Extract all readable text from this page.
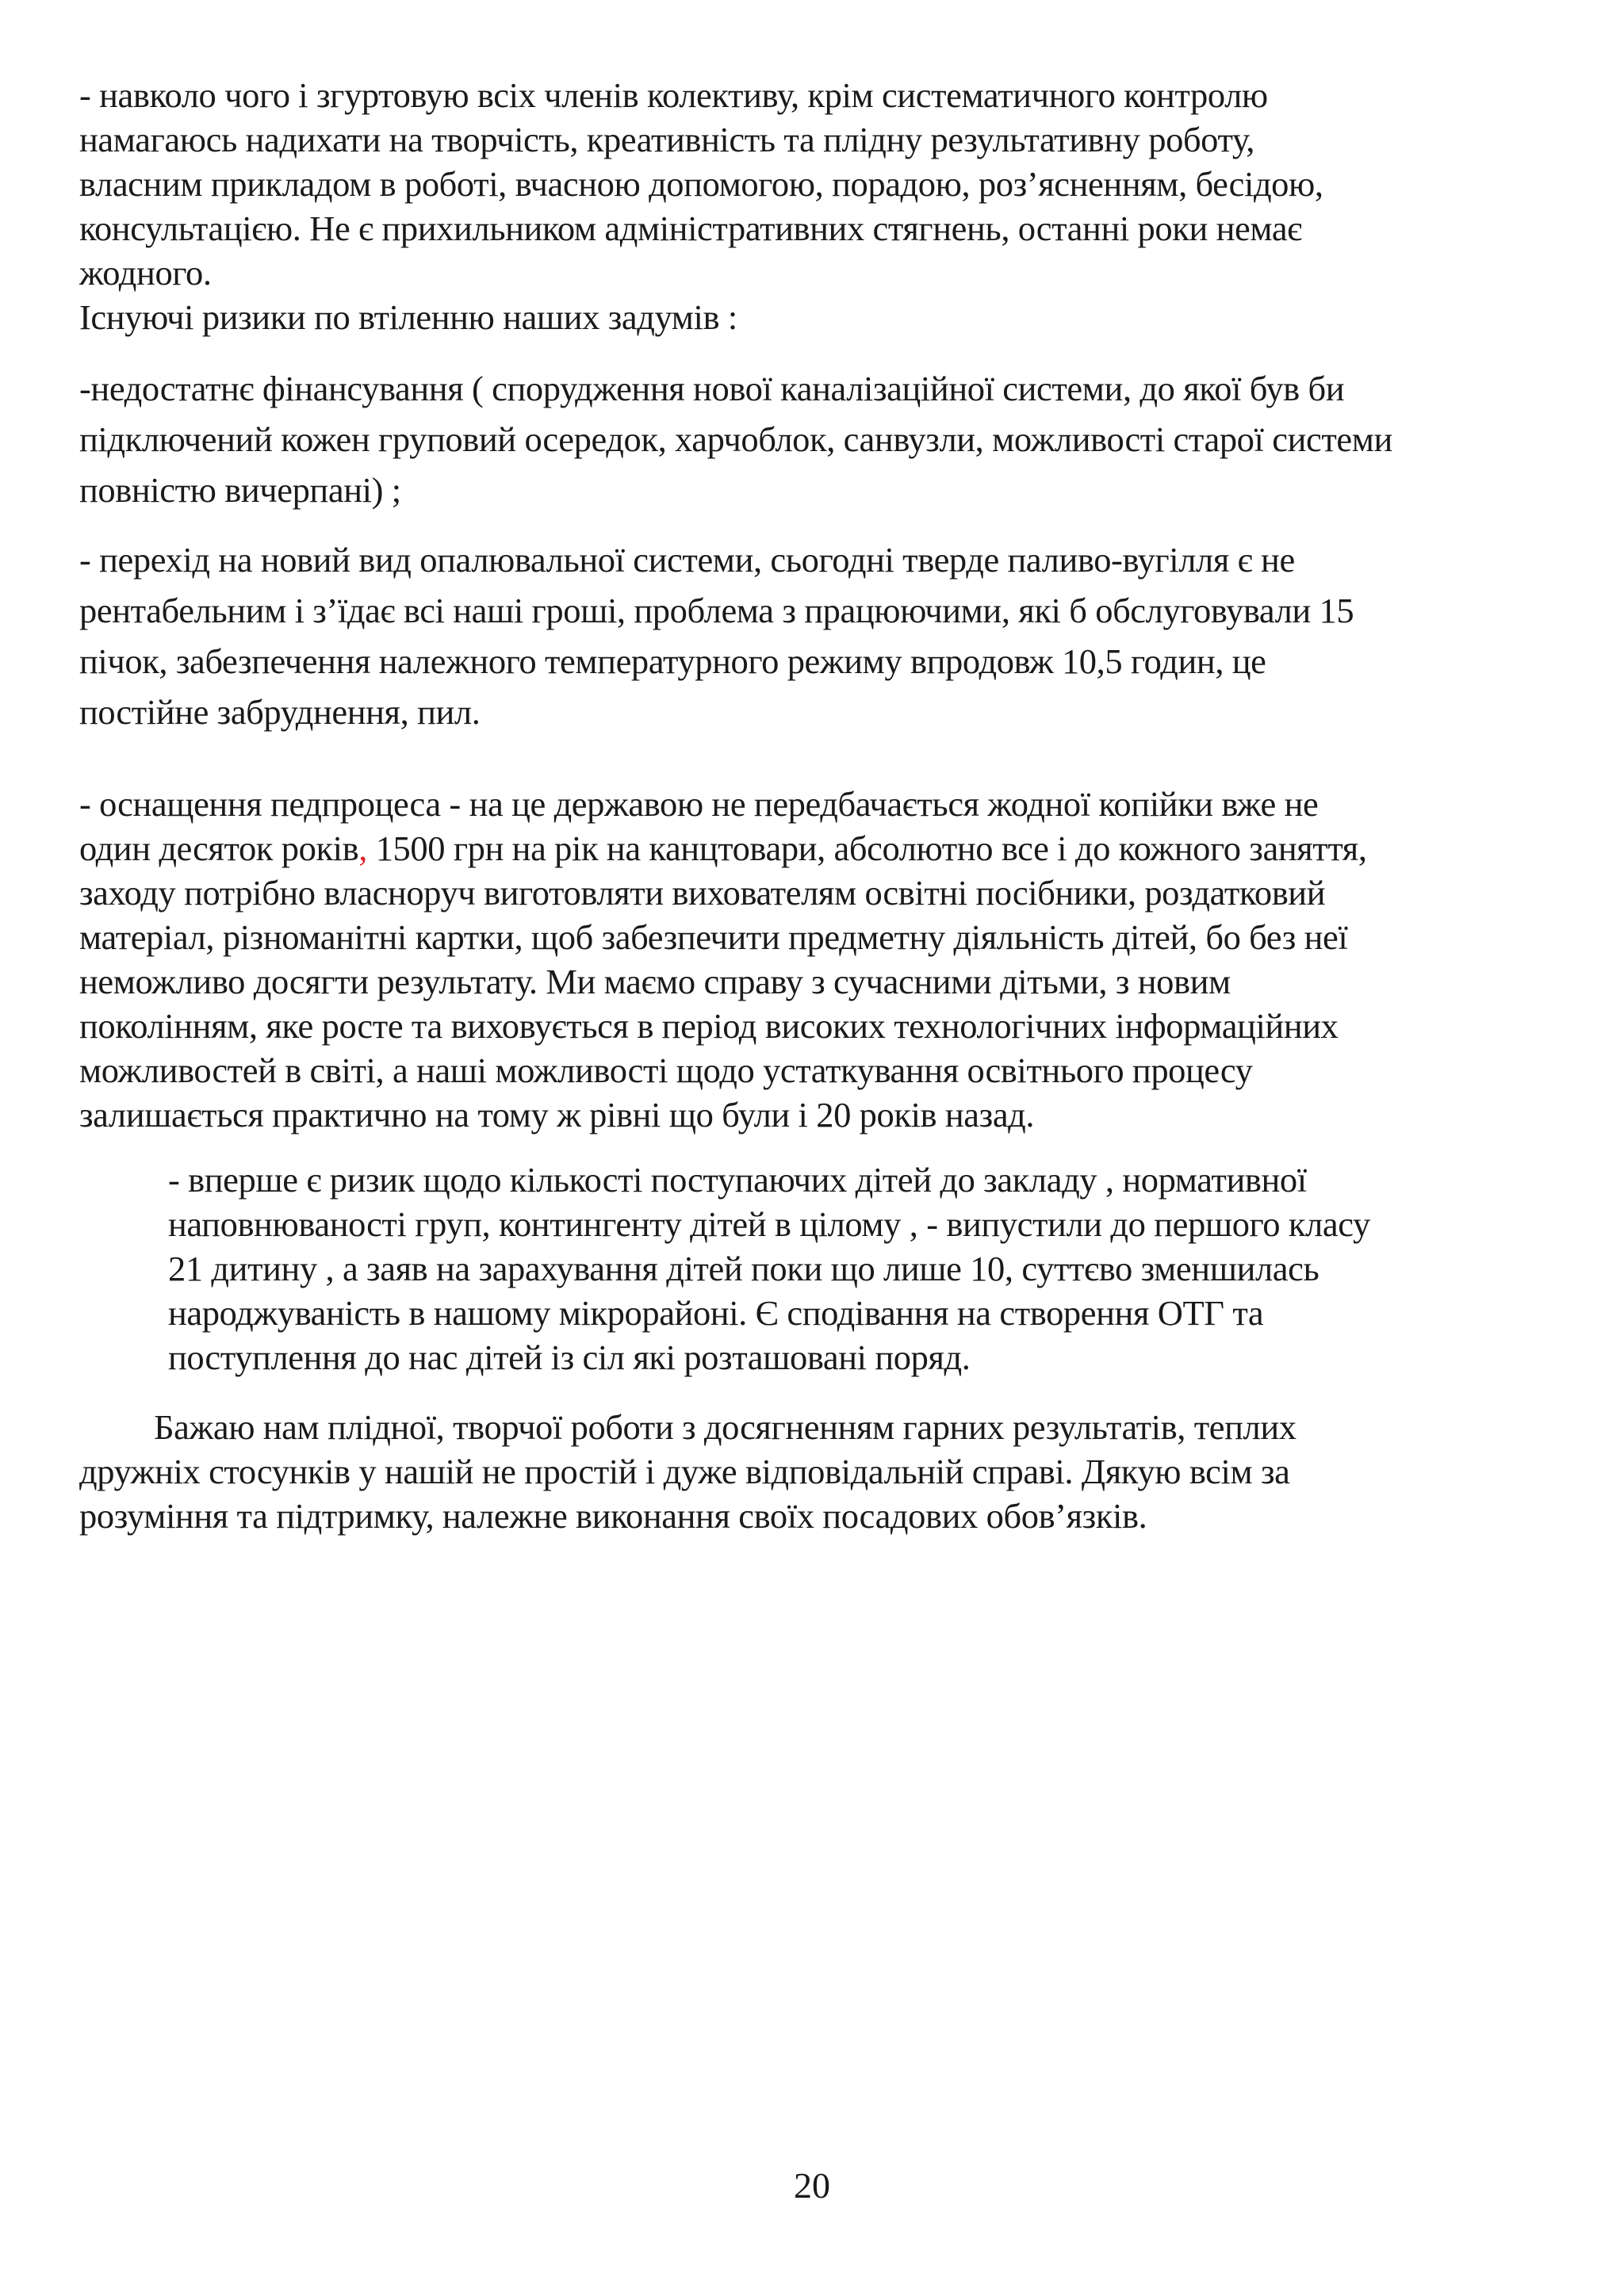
- навколо чого і згуртовую всіх членів колективу, крім систематичного контролю
намагаюсь надихати на творчість, креативність та плідну результативну роботу,
власним прикладом в роботі, вчасною допомогою, порадою, роз’ясненням, бесідою,
консультацією. Не є прихильником адміністративних стягнень, останні роки немає
жодного.

Існуючі ризики по втіленню наших задумів :

-недостатнє фінансування ( спорудження нової каналізаційної системи, до якої був би
підключений кожен груповий осередок, харчоблок, санвузли, можливості старої системи
повністю вичерпані) ;

- перехід на новий вид опалювальної системи, сьогодні тверде паливо-вугілля є не
рентабельним і з’їдає всі наші гроші, проблема з працюючими, які б обслуговували 15
пічок, забезпечення належного температурного режиму впродовж 10,5 годин, це
постійне забруднення, пил.

- оснащення педпроцеса - на це державою не передбачається жодної копійки вже не
один десяток років, 1500 грн на рік на канцтовари, абсолютно все і до кожного заняття,
заходу потрібно власноруч виготовляти вихователям освітні посібники, роздатковий
матеріал, різноманітні картки, щоб забезпечити предметну діяльність дітей, бо без неї
неможливо досягти результату. Ми маємо справу з сучасними дітьми, з новим
поколінням, яке росте та виховується в період високих технологічних інформаційних
можливостей в світі, а наші можливості щодо устаткування освітнього процесу
залишається практично на тому ж рівні що були і 20 років назад.

- вперше є ризик щодо кількості поступаючих дітей до закладу , нормативної
наповнюваності груп, контингенту дітей в цілому , - випустили до першого класу
21 дитину , а заяв на зарахування дітей поки що лише 10, суттєво зменшилась
народжуваність в нашому мікрорайоні. Є сподівання на створення ОТГ та
поступлення до нас дітей із сіл які розташовані поряд.

Бажаю нам плідної, творчої роботи з досягненням гарних результатів, теплих
дружніх стосунків у нашій не простій і дуже відповідальній справі. Дякую всім за
розуміння та підтримку, належне виконання своїх посадових обов’язків.

20
